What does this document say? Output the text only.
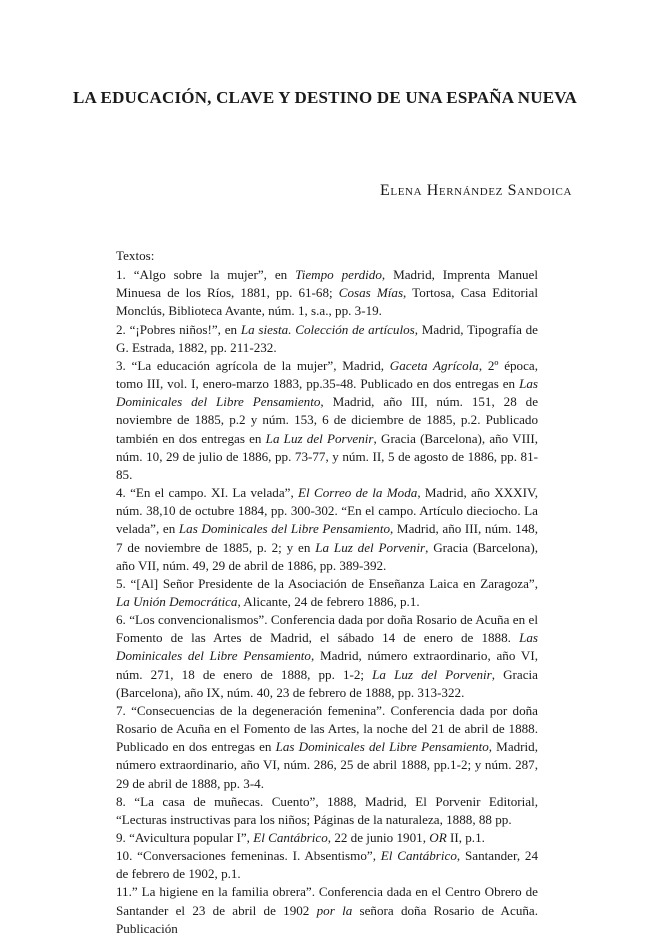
LA EDUCACIÓN, CLAVE Y DESTINO DE UNA ESPAÑA NUEVA
Elena Hernández Sandoica

Textos:

1. “Algo sobre la mujer”, en Tiempo perdido, Madrid, Imprenta Manuel Minuesa de los Ríos, 1881, pp. 61-68; Cosas Mías, Tortosa, Casa Editorial Monclús, Biblioteca Avante, núm. 1, s.a., pp. 3-19.

2. “¡Pobres niños!”, en La siesta. Colección de artículos, Madrid, Tipografía de G. Estrada, 1882, pp. 211-232.

3. “La educación agrícola de la mujer”, Madrid, Gaceta Agrícola, 2º época, tomo III, vol. I, enero-marzo 1883, pp.35-48. Publicado en dos entregas en Las Dominicales del Libre Pensamiento, Madrid, año III, núm. 151, 28 de noviembre de 1885, p.2 y núm. 153, 6 de diciembre de 1885, p.2. Publicado también en dos entregas en La Luz del Porvenir, Gracia (Barcelona), año VIII, núm. 10, 29 de julio de 1886, pp. 73-77, y núm. II, 5 de agosto de 1886, pp. 81-85.

4. “En el campo. XI. La velada”, El Correo de la Moda, Madrid, año XXXIV, núm. 38,10 de octubre 1884, pp. 300-302. “En el campo. Artículo dieciocho. La velada”, en Las Dominicales del Libre Pensamiento, Madrid, año III, núm. 148, 7 de noviembre de 1885, p. 2; y en La Luz del Porvenir, Gracia (Barcelona), año VII, núm. 49, 29 de abril de 1886, pp. 389-392.

5. “[Al] Señor Presidente de la Asociación de Enseñanza Laica en Zaragoza”, La Unión Democrática, Alicante, 24 de febrero 1886, p.1.

6. “Los convencionalismos”. Conferencia dada por doña Rosario de Acuña en el Fomento de las Artes de Madrid, el sábado 14 de enero de 1888. Las Dominicales del Libre Pensamiento, Madrid, número extraordinario, año VI, núm. 271, 18 de enero de 1888, pp. 1-2; La Luz del Porvenir, Gracia (Barcelona), año IX, núm. 40, 23 de febrero de 1888, pp. 313-322.

7. “Consecuencias de la degeneración femenina”. Conferencia dada por doña Rosario de Acuña en el Fomento de las Artes, la noche del 21 de abril de 1888. Publicado en dos entregas en Las Dominicales del Libre Pensamiento, Madrid, número extraordinario, año VI, núm. 286, 25 de abril 1888, pp.1-2; y núm. 287, 29 de abril de 1888, pp. 3-4.

8. “La casa de muñecas. Cuento”, 1888, Madrid, El Porvenir Editorial, “Lecturas instructivas para los niños; Páginas de la naturaleza, 1888, 88 pp.

9. “Avicultura popular I”, El Cantábrico, 22 de junio 1901, OR II, p.1.

10. “Conversaciones femeninas. I. Absentismo”, El Cantábrico, Santander, 24 de febrero de 1902, p.1.

11.” La higiene en la familia obrera”. Conferencia dada en el Centro Obrero de Santander el 23 de abril de 1902 por la señora doña Rosario de Acuña. Publicación
